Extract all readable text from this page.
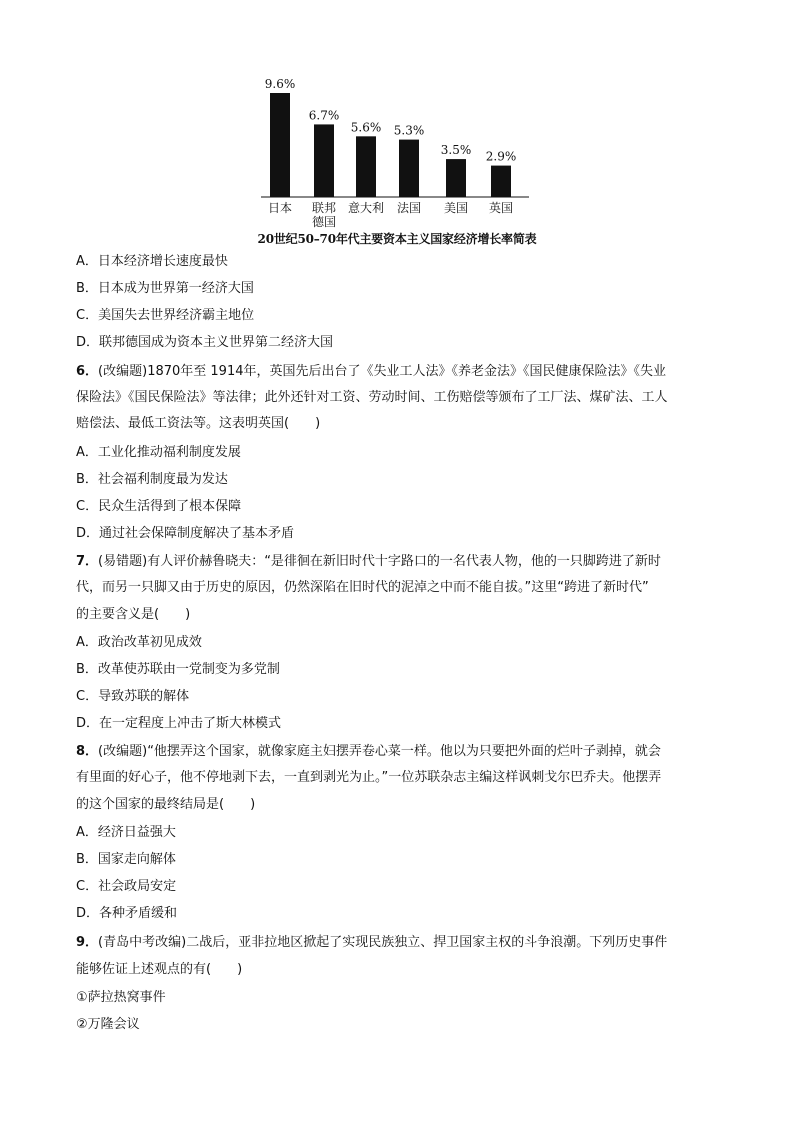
9.6%
日本
6.7%
联邦
德国
5.6%
意大利
5.3%
法国
3.5%
美国
2.9%
英国
20世纪50–70年代主要资本主义国家经济增长率简表
A．日本经济增长速度最快
B．日本成为世界第一经济大国
C．美国失去世界经济霸主地位
D．联邦德国成为资本主义世界第二经济大国
6．(改编题)1870年至 1914年，英国先后出台了《失业工人法》《养老金法》《国民健康保险法》《失业
保险法》《国民保险法》等法律；此外还针对工资、劳动时间、工伤赔偿等颁布了工厂法、煤矿法、工人
赔偿法、最低工资法等。这表明英国(　　)
A．工业化推动福利制度发展
B．社会福利制度最为发达
C．民众生活得到了根本保障
D．通过社会保障制度解决了基本矛盾
7．(易错题)有人评价赫鲁晓夫：“是徘徊在新旧时代十字路口的一名代表人物，他的一只脚跨进了新时
代，而另一只脚又由于历史的原因，仍然深陷在旧时代的泥淖之中而不能自拔。”这里“跨进了新时代”
的主要含义是(　　)
A．政治改革初见成效
B．改革使苏联由一党制变为多党制
C．导致苏联的解体
D．在一定程度上冲击了斯大林模式
8．(改编题)“他摆弄这个国家，就像家庭主妇摆弄卷心菜一样。他以为只要把外面的烂叶子剥掉，就会
有里面的好心子，他不停地剥下去，一直到剥光为止。”一位苏联杂志主编这样讽刺戈尔巴乔夫。他摆弄
的这个国家的最终结局是(　　)
A．经济日益强大
B．国家走向解体
C．社会政局安定
D．各种矛盾缓和
9．(青岛中考改编)二战后，亚非拉地区掀起了实现民族独立、捍卫国家主权的斗争浪潮。下列历史事件
能够佐证上述观点的有(　　)
①萨拉热窝事件
②万隆会议
